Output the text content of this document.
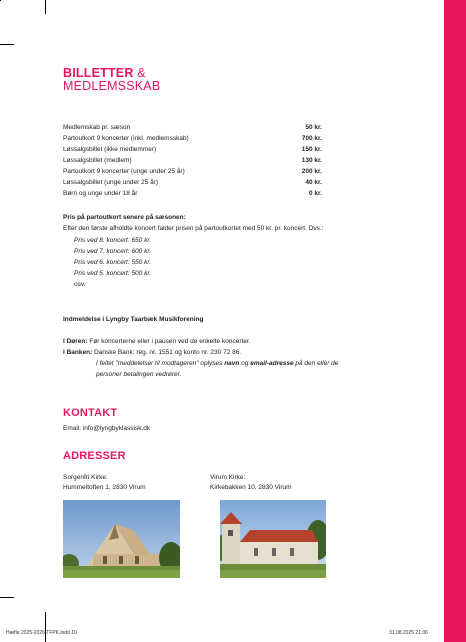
BILLETTER &
MEDLEMSSKAB
Medlemskab pr. sæson	50 kr.
Partoutkort 9 koncerter (inkl. medlemsskab)	700 kr.
Løssalgsbillet (ikke medlemmer)	150 kr.
Løssalgsbillet (medlem)	130 kr.
Partoutkort 9 koncerter (unge under 25 år)	200 kr.
Løssalgsbillet (unge under 25 år)	40 kr.
Børn og unge under 18 år	0 kr.
Pris på partoutkort senere på sæsonen:
Efter den første afholdte koncert falder prisen på partoutkortet med 50 kr. pr. koncert. Dvs.:
Pris ved 8. koncert: 650 kr.
Pris ved 7. koncert: 600 kr.
Pris ved 6. koncert: 550 kr.
Pris ved 5. koncert: 500 kr.
osv.
Indmeldelse i Lyngby Taarbæk Musikforening
I Døren: Før koncerterne eller i pausen ved de enkelte koncerter.
I Banken: Danske Bank: reg. nr. 1551 og konto nr. 230 72 86.
I feltet "meddelelser til modtageren" oplyses navn og email-adresse på den eller de
personer betalingen vedrører.
KONTAKT
Email: info@lyngbyklassisk.dk
ADRESSER
Sorgenfri Kirke:
Hummeltoften 1, 2830 Virum
Virum Kirke:
Kirkebakken 10, 2830 Virum
Hæfte 2025-2026 TFPK.indd 10	31.08.2025 21.06
